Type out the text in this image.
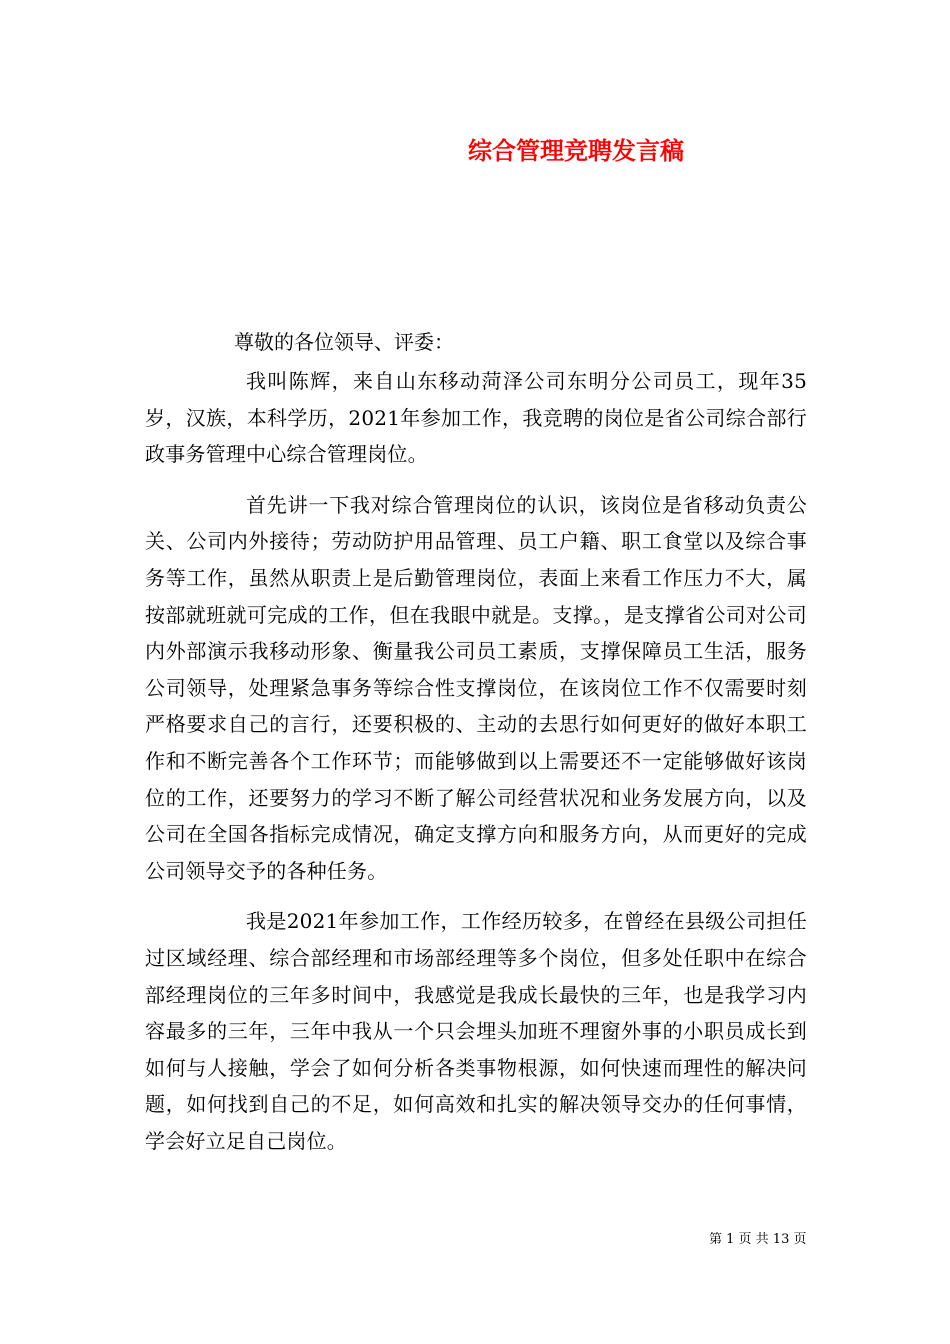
综合管理竞聘发言稿

尊敬的各位领导、评委：

我叫陈辉，来自山东移动菏泽公司东明分公司员工，现年35岁，汉族，本科学历，2021年参加工作，我竞聘的岗位是省公司综合部行政事务管理中心综合管理岗位。

首先讲一下我对综合管理岗位的认识，该岗位是省移动负责公关、公司内外接待；劳动防护用品管理、员工户籍、职工食堂以及综合事务等工作，虽然从职责上是后勤管理岗位，表面上来看工作压力不大，属按部就班就可完成的工作，但在我眼中就是。支撑。，是支撑省公司对公司内外部演示我移动形象、衡量我公司员工素质，支撑保障员工生活，服务公司领导，处理紧急事务等综合性支撑岗位，在该岗位工作不仅需要时刻严格要求自己的言行，还要积极的、主动的去思行如何更好的做好本职工作和不断完善各个工作环节；而能够做到以上需要还不一定能够做好该岗位的工作，还要努力的学习不断了解公司经营状况和业务发展方向，以及公司在全国各指标完成情况，确定支撑方向和服务方向，从而更好的完成公司领导交予的各种任务。

我是2021年参加工作，工作经历较多，在曾经在县级公司担任过区域经理、综合部经理和市场部经理等多个岗位，但多处任职中在综合部经理岗位的三年多时间中，我感觉是我成长最快的三年，也是我学习内容最多的三年，三年中我从一个只会埋头加班不理窗外事的小职员成长到如何与人接触，学会了如何分析各类事物根源，如何快速而理性的解决问题，如何找到自己的不足，如何高效和扎实的解决领导交办的任何事情，学会好立足自己岗位。

第 1 页 共 13 页
